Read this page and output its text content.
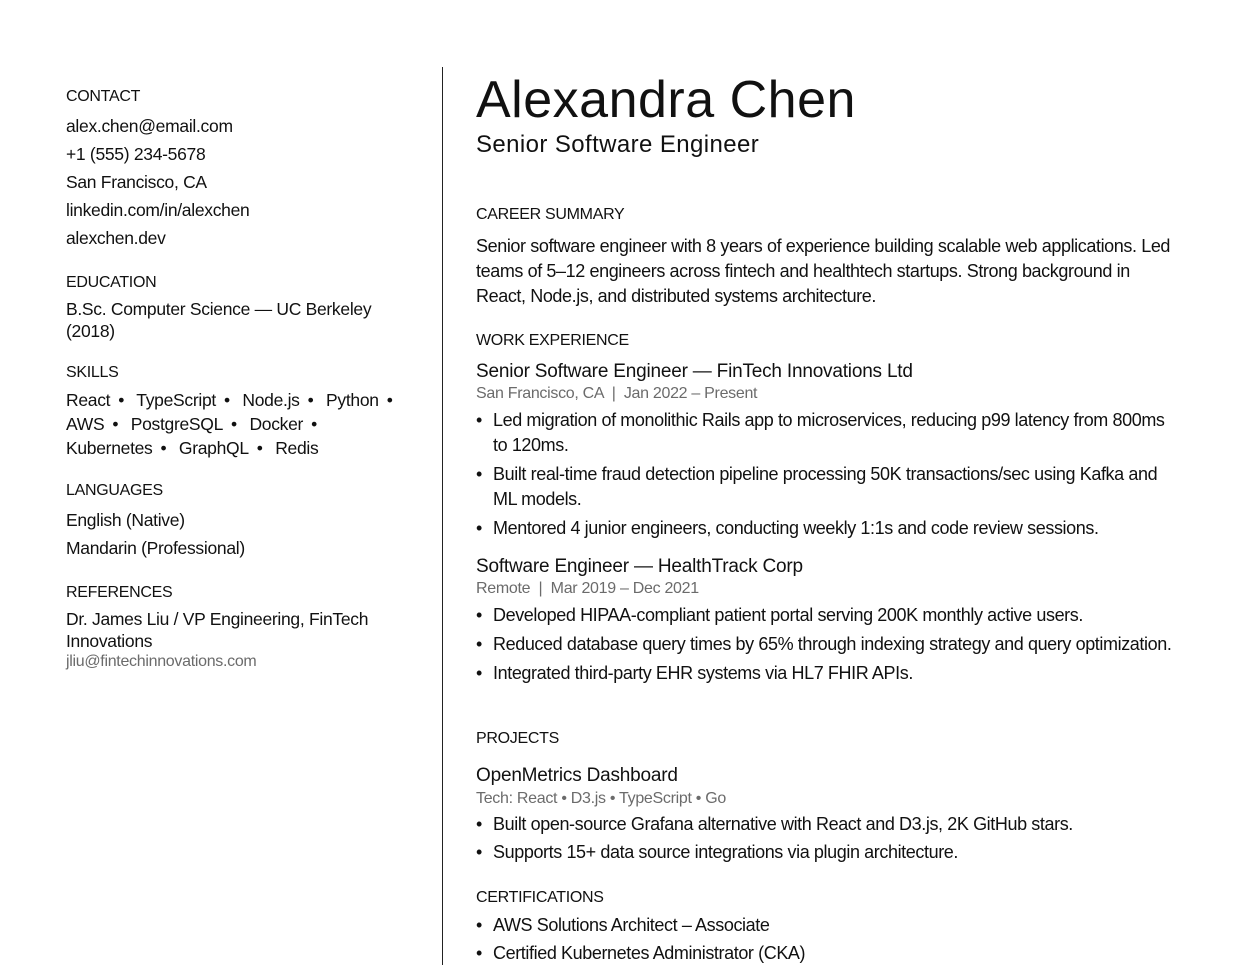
CONTACT
alex.chen@email.com
+1 (555) 234-5678
San Francisco, CA
linkedin.com/in/alexchen
alexchen.dev
EDUCATION
B.Sc. Computer Science — UC Berkeley (2018)
SKILLS
React • TypeScript • Node.js • Python • AWS • PostgreSQL • Docker • Kubernetes • GraphQL • Redis
LANGUAGES
English (Native)
Mandarin (Professional)
REFERENCES
Dr. James Liu / VP Engineering, FinTech Innovations
jliu@fintechinnovations.com
Alexandra Chen
Senior Software Engineer
CAREER SUMMARY
Senior software engineer with 8 years of experience building scalable web applications. Led teams of 5–12 engineers across fintech and healthtech startups. Strong background in React, Node.js, and distributed systems architecture.
WORK EXPERIENCE
Senior Software Engineer — FinTech Innovations Ltd
San Francisco, CA  |  Jan 2022 – Present
• Led migration of monolithic Rails app to microservices, reducing p99 latency from 800ms to 120ms.
• Built real-time fraud detection pipeline processing 50K transactions/sec using Kafka and ML models.
• Mentored 4 junior engineers, conducting weekly 1:1s and code review sessions.
Software Engineer — HealthTrack Corp
Remote  |  Mar 2019 – Dec 2021
• Developed HIPAA-compliant patient portal serving 200K monthly active users.
• Reduced database query times by 65% through indexing strategy and query optimization.
• Integrated third-party EHR systems via HL7 FHIR APIs.
PROJECTS
OpenMetrics Dashboard
Tech: React • D3.js • TypeScript • Go
• Built open-source Grafana alternative with React and D3.js, 2K GitHub stars.
• Supports 15+ data source integrations via plugin architecture.
CERTIFICATIONS
• AWS Solutions Architect – Associate
• Certified Kubernetes Administrator (CKA)
